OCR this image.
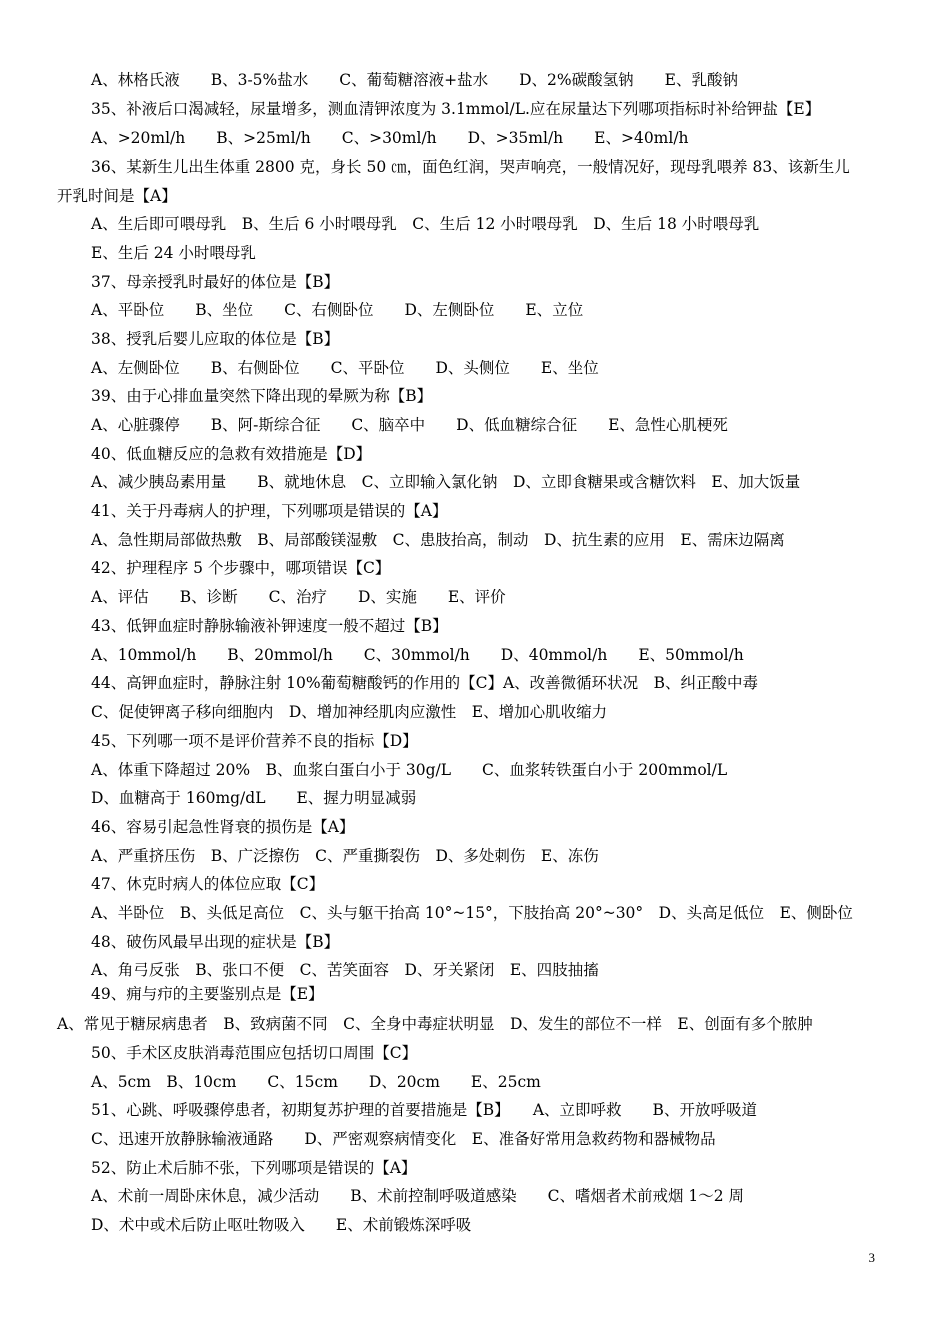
A、林格氏液　　B、3-5%盐水　　C、葡萄糖溶液+盐水　　D、2%碳酸氢钠　　E、乳酸钠
35、补液后口渴减轻，尿量增多，测血清钾浓度为 3.1mmol/L.应在尿量达下列哪项指标时补给钾盐【E】
A、>20ml/h　　B、>25ml/h　　C、>30ml/h　　D、>35ml/h　　E、>40ml/h
36、某新生儿出生体重 2800 克，身长 50 ㎝，面色红润，哭声响亮，一般情况好，现母乳喂养 83、该新生儿
开乳时间是【A】
A、生后即可喂母乳　B、生后 6 小时喂母乳　C、生后 12 小时喂母乳　D、生后 18 小时喂母乳
E、生后 24 小时喂母乳
37、母亲授乳时最好的体位是【B】
A、平卧位　　B、坐位　　C、右侧卧位　　D、左侧卧位　　E、立位
38、授乳后婴儿应取的体位是【B】
A、左侧卧位　　B、右侧卧位　　C、平卧位　　D、头侧位　　E、坐位
39、由于心排血量突然下降出现的晕厥为称【B】
A、心脏骤停　　B、阿-斯综合征　　C、脑卒中　　D、低血糖综合征　　E、急性心肌梗死
40、低血糖反应的急救有效措施是【D】
A、减少胰岛素用量　　B、就地休息　C、立即输入氯化钠　D、立即食糖果或含糖饮料　E、加大饭量
41、关于丹毒病人的护理，下列哪项是错误的【A】
A、急性期局部做热敷　B、局部酸镁湿敷　C、患肢抬高，制动　D、抗生素的应用　E、需床边隔离
42、护理程序 5 个步骤中，哪项错误【C】
A、评估　　B、诊断　　C、治疗　　D、实施　　E、评价
43、低钾血症时静脉输液补钾速度一般不超过【B】
A、10mmol/h　　B、20mmol/h　　C、30mmol/h　　D、40mmol/h　　E、50mmol/h
44、高钾血症时，静脉注射 10%葡萄糖酸钙的作用的【C】A、改善微循环状况　B、纠正酸中毒
C、促使钾离子移向细胞内　D、增加神经肌肉应激性　E、增加心肌收缩力
45、下列哪一项不是评价营养不良的指标【D】
A、体重下降超过 20%　B、血浆白蛋白小于 30g/L　　C、血浆转铁蛋白小于 200mmol/L
D、血糖高于 160mg/dL　　E、握力明显减弱
46、容易引起急性肾衰的损伤是【A】
A、严重挤压伤　B、广泛擦伤　C、严重撕裂伤　D、多处刺伤　E、冻伤
47、休克时病人的体位应取【C】
A、半卧位　B、头低足高位　C、头与躯干抬高 10°~15°，下肢抬高 20°~30°　D、头高足低位　E、侧卧位
48、破伤风最早出现的症状是【B】
A、角弓反张　B、张口不便　C、苦笑面容　D、牙关紧闭　E、四肢抽搐
49、痈与疖的主要鉴别点是【E】
A、常见于糖尿病患者　B、致病菌不同　C、全身中毒症状明显　D、发生的部位不一样　E、创面有多个脓肿
50、手术区皮肤消毒范围应包括切口周围【C】
A、5cm　B、10cm　　C、15cm　　D、20cm　　E、25cm
51、心跳、呼吸骤停患者，初期复苏护理的首要措施是【B】　　A、立即呼救　　B、开放呼吸道
C、迅速开放静脉输液通路　　D、严密观察病情变化　E、准备好常用急救药物和器械物品
52、防止术后肺不张，下列哪项是错误的【A】
A、术前一周卧床休息，减少活动　　B、术前控制呼吸道感染　　C、嗜烟者术前戒烟 1～2 周
D、术中或术后防止呕吐物吸入　　E、术前锻炼深呼吸
3
